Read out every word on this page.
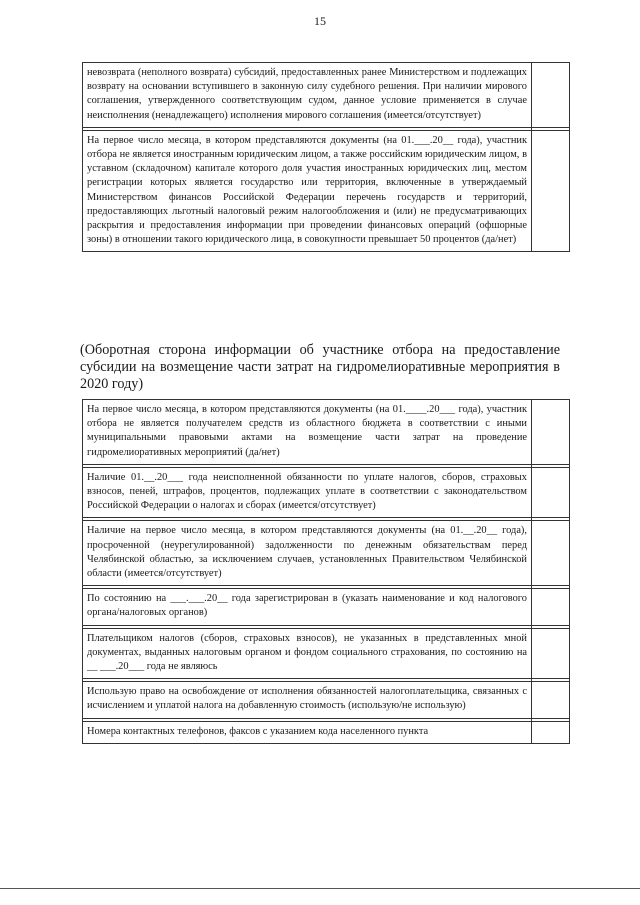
15
невозврата (неполного возврата) субсидий, предоставленных ранее Министерством и подлежащих возврату на основании вступившего в законную силу судебного решения. При наличии мирового соглашения, утвержденного соответствующим судом, данное условие применяется в случае неисполнения (ненадлежащего) исполнения мирового соглашения (имеется/отсутствует)	

На первое число месяца, в котором представляются документы (на 01.___.20__ года), участник отбора не является иностранным юридическим лицом, а также российским юридическим лицом, в уставном (складочном) капитале которого доля участия иностранных юридических лиц, местом регистрации которых является государство или территория, включенные в утверждаемый Министерством финансов Российской Федерации перечень государств и территорий, предоставляющих льготный налоговый режим налогообложения и (или) не предусматривающих раскрытия и предоставления информации при проведении финансовых операций (офшорные зоны) в отношении такого юридического лица, в совокупности превышает 50 процентов (да/нет)	
(Оборотная сторона информации об участнике отбора на предоставление субсидии на возмещение части затрат на гидромелиоративные мероприятия в 2020 году)
На первое число месяца, в котором представляются документы (на 01.____.20___ года), участник отбора не является получателем средств из областного бюджета в соответствии с иными муниципальными правовыми актами на возмещение части затрат на проведение гидромелиоративных мероприятий (да/нет)	

Наличие 01.__.20___ года неисполненной обязанности по уплате налогов, сборов, страховых взносов, пеней, штрафов, процентов, подлежащих уплате в соответствии с законодательством Российской Федерации о налогах и сборах (имеется/отсутствует)	

Наличие на первое число месяца, в котором представляются документы (на 01.__.20__ года), просроченной (неурегулированной) задолженности по денежным обязательствам перед Челябинской областью, за исключением случаев, установленных Правительством Челябинской области (имеется/отсутствует)	

По состоянию на ___.___.20__ года зарегистрирован в (указать наименование и код налогового органа/налоговых органов)	

Плательщиком налогов (сборов, страховых взносов), не указанных в представленных мной документах, выданных налоговым органом и фондом социального страхования, по состоянию на __ ___.20___ года не являюсь	

Использую право на освобождение от исполнения обязанностей налогоплательщика, связанных с исчислением и уплатой налога на добавленную стоимость (использую/не использую)	

Номера контактных телефонов, факсов с указанием кода населенного пункта	
